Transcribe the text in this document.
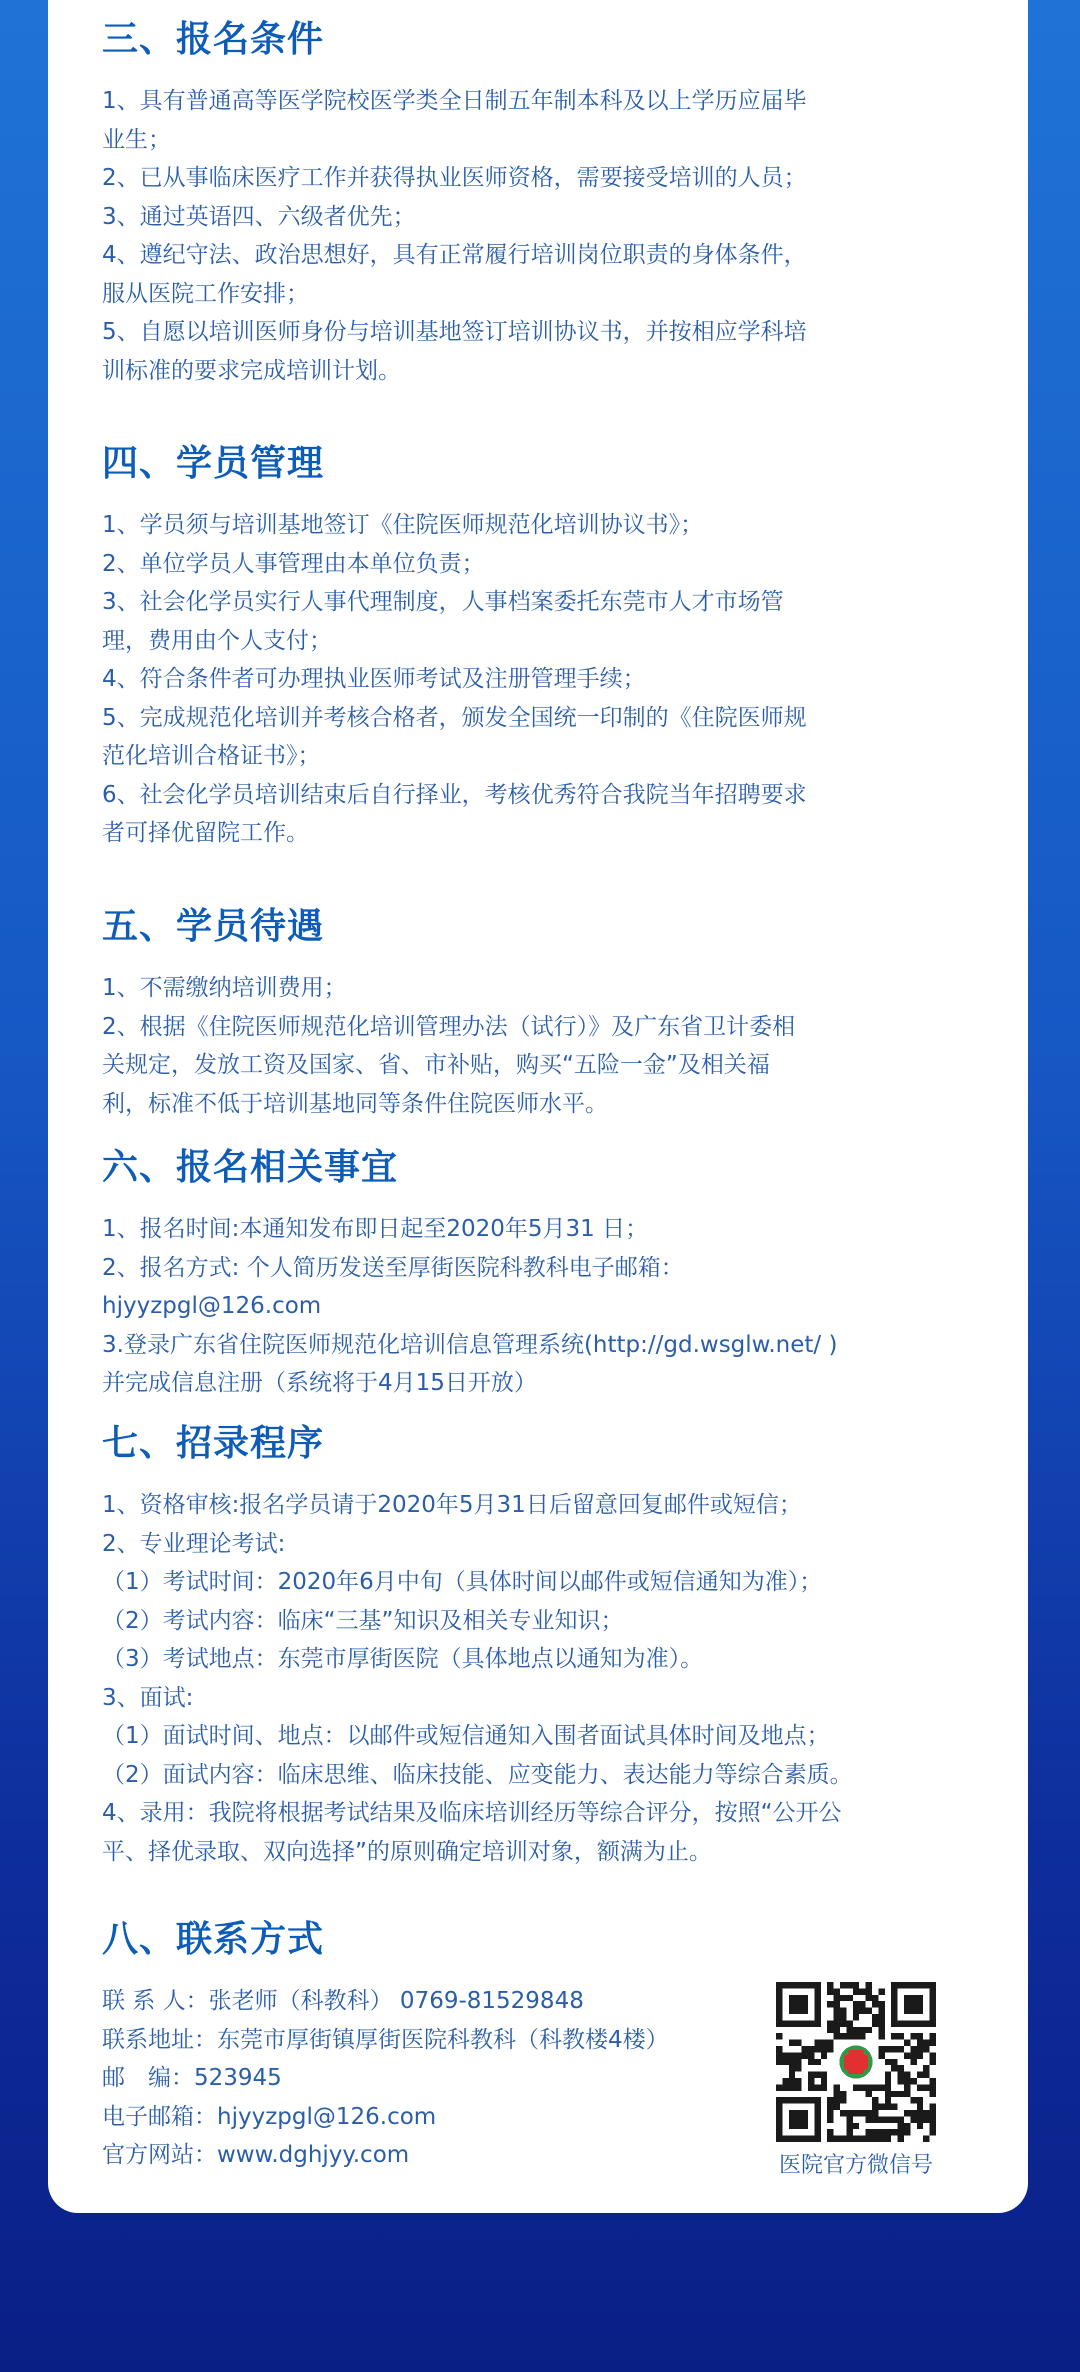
三、报名条件
1、具有普通高等医学院校医学类全日制五年制本科及以上学历应届毕
业生；
2、已从事临床医疗工作并获得执业医师资格，需要接受培训的人员；
3、通过英语四、六级者优先；
4、遵纪守法、政治思想好，具有正常履行培训岗位职责的身体条件，
服从医院工作安排；
5、自愿以培训医师身份与培训基地签订培训协议书，并按相应学科培
训标准的要求完成培训计划。
四、学员管理
1、学员须与培训基地签订《住院医师规范化培训协议书》；
2、单位学员人事管理由本单位负责；
3、社会化学员实行人事代理制度，人事档案委托东莞市人才市场管
理，费用由个人支付；
4、符合条件者可办理执业医师考试及注册管理手续；
5、完成规范化培训并考核合格者，颁发全国统一印制的《住院医师规
范化培训合格证书》；
6、社会化学员培训结束后自行择业，考核优秀符合我院当年招聘要求
者可择优留院工作。
五、学员待遇
1、不需缴纳培训费用；
2、根据《住院医师规范化培训管理办法（试行）》及广东省卫计委相
关规定，发放工资及国家、省、市补贴，购买“五险一金”及相关福
利，标准不低于培训基地同等条件住院医师水平。
六、报名相关事宜
1、报名时间:本通知发布即日起至2020年5月31 日；
2、报名方式: 个人简历发送至厚街医院科教科电子邮箱：
hjyyzpgl@126.com
3.登录广东省住院医师规范化培训信息管理系统(http://gd.wsglw.net/ )
并完成信息注册（系统将于4月15日开放）
七、招录程序
1、资格审核:报名学员请于2020年5月31日后留意回复邮件或短信；
2、专业理论考试:
（1）考试时间：2020年6月中旬（具体时间以邮件或短信通知为准）；
（2）考试内容：临床“三基”知识及相关专业知识；
（3）考试地点：东莞市厚街医院（具体地点以通知为准）。
3、面试:
（1）面试时间、地点：以邮件或短信通知入围者面试具体时间及地点；
（2）面试内容：临床思维、临床技能、应变能力、表达能力等综合素质。
4、录用：我院将根据考试结果及临床培训经历等综合评分，按照“公开公
平、择优录取、双向选择”的原则确定培训对象，额满为止。
八、联系方式
联 系 人：张老师（科教科） 0769-81529848
联系地址：东莞市厚街镇厚街医院科教科（科教楼4楼）
邮　编：523945
电子邮箱：hjyyzpgl@126.com
官方网站：www.dghjyy.com	医院官方微信号
